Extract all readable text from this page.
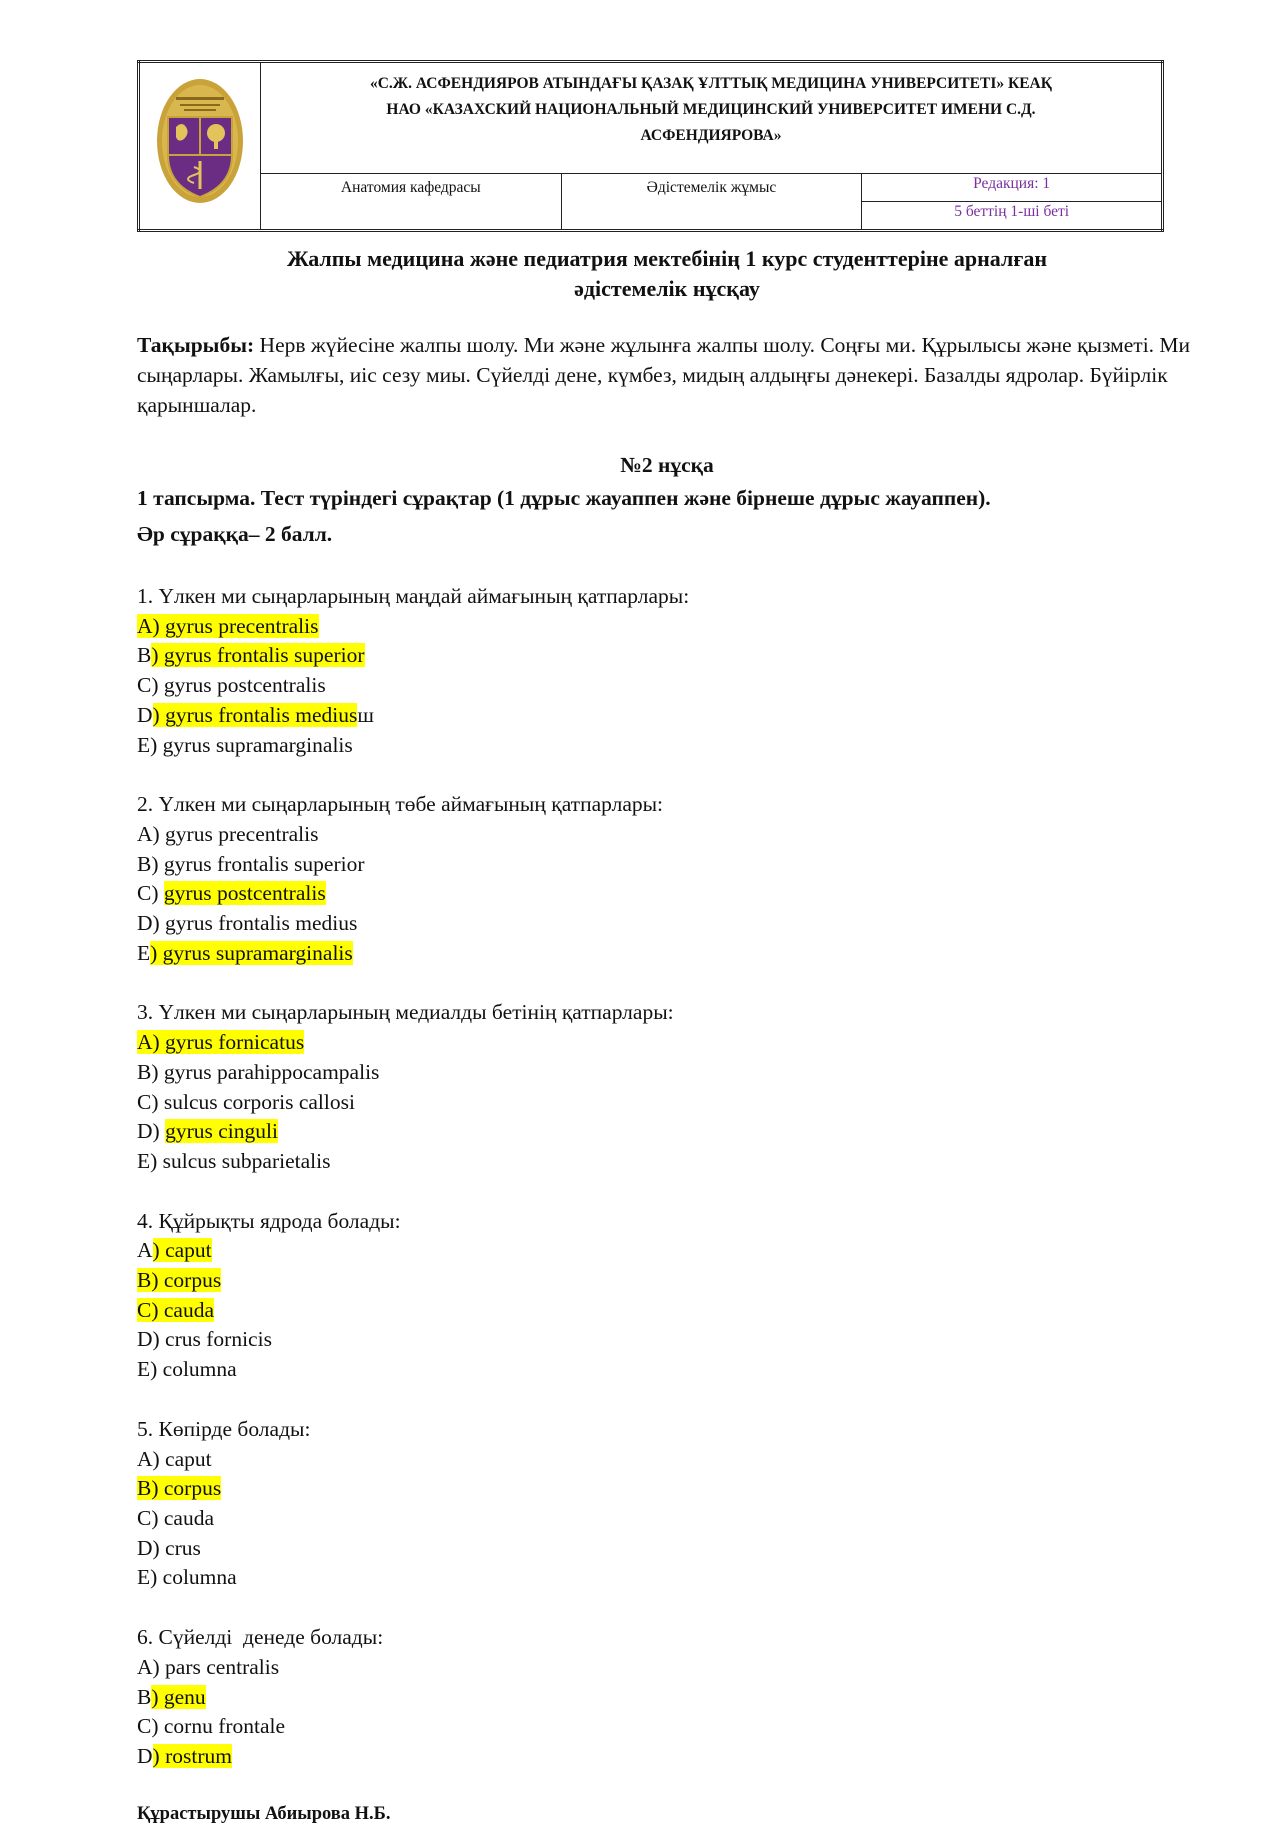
«С.Ж. АСФЕНДИЯРОВ АТЫНДАҒЫ ҚАЗАҚ ҰЛТТЫҚ МЕДИЦИНА УНИВЕРСИТЕТІ» КЕАҚ
НАО «КАЗАХСКИЙ НАЦИОНАЛЬНЫЙ МЕДИЦИНСКИЙ УНИВЕРСИТЕТ ИМЕНИ С.Д.
АСФЕНДИЯРОВА»		

	Анатомия кафедрасы	Әдістемелік жұмыс	Редакция: 1
			5 беттің 1-ші беті
Жалпы медицина және педиатрия мектебінің 1 курс студенттеріне арналған
әдістемелік нұсқау
Тақырыбы: Нерв жүйесіне жалпы шолу. Ми және жұлынға жалпы шолу. Соңғы ми. Құрылысы және қызметі. Ми сыңарлары. Жамылғы, иіс сезу миы. Сүйелді дене, күмбез, мидың алдыңғы дәнекері. Базалды ядролар. Бүйірлік қарыншалар.
№2 нұсқа
1 тапсырма. Тест түріндегі сұрақтар (1 дұрыс жауаппен және бірнеше дұрыс жауаппен).
Әр сұраққа– 2 балл.
1. Үлкен ми сыңарларының маңдай аймағының қатпарлары:
A) gyrus precentralis
B) gyrus frontalis superior
C) gyrus postcentralis
D) gyrus frontalis mediusш
E) gyrus supramarginalis
2. Үлкен ми сыңарларының төбе аймағының қатпарлары:
A) gyrus precentralis
B) gyrus frontalis superior
C) gyrus postcentralis
D) gyrus frontalis medius
E) gyrus supramarginalis
3. Үлкен ми сыңарларының медиалды бетінің қатпарлары:
A) gyrus fornicatus
B) gyrus parahippocampalis
C) sulcus corporis callosi
D) gyrus cinguli
E) sulcus subparietalis
4. Құйрықты ядрода болады:
A) caput
B) corpus
C) cauda
D) crus fornicis
E) columna
5. Көпірде болады:
A) caput
B) corpus
C) cauda
D) crus
E) columna
6. Сүйелді  денеде болады:
A) pars centralis
B) genu
C) cornu frontale
D) rostrum
Құрастырушы Абиырова Н.Б.
